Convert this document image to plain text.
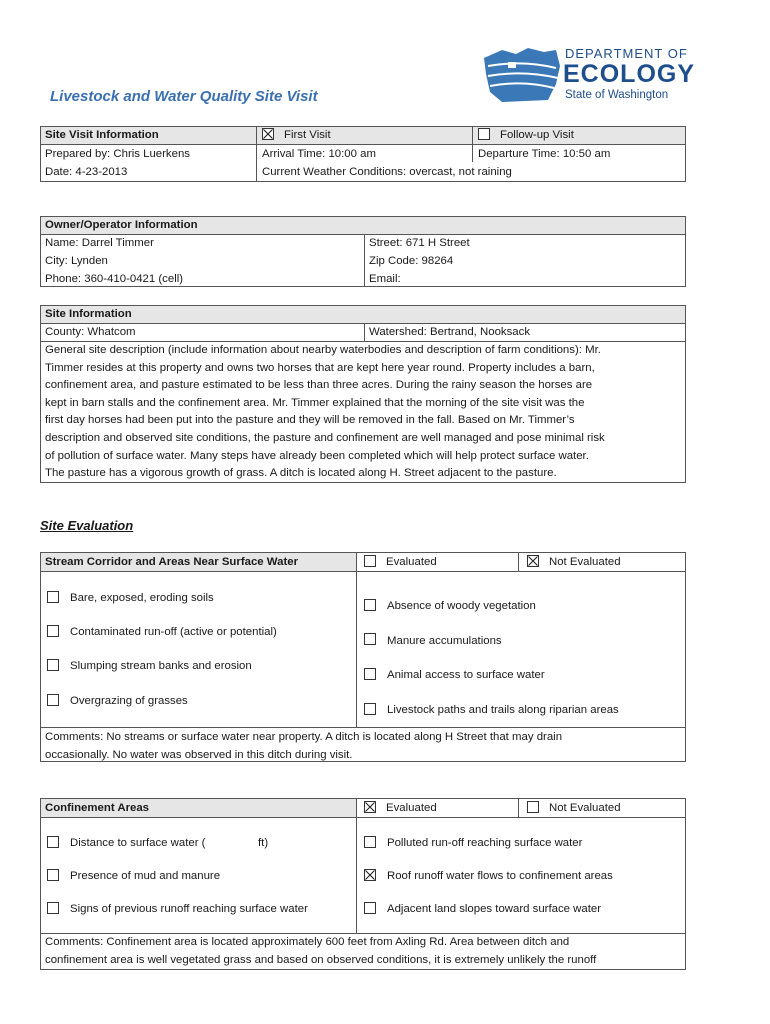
Livestock and Water Quality Site Visit
DEPARTMENT OF
ECOLOGY
State of Washington
Site Visit Information	First Visit	Follow-up Visit
Prepared by: Chris Luerkens	Arrival Time: 10:00 am	Departure Time: 10:50 am
Date: 4-23-2013	Current Weather Conditions: overcast, not raining
Owner/Operator Information
Name: Darrel Timmer	Street: 671 H Street
City: Lynden	Zip Code: 98264
Phone: 360-410-0421 (cell)	Email:
Site Information
County: Whatcom	Watershed: Bertrand, Nooksack
General site description (include information about nearby waterbodies and description of farm conditions): Mr.
Timmer resides at this property and owns two horses that are kept here year round. Property includes a barn,
confinement area, and pasture estimated to be less than three acres. During the rainy season the horses are
kept in barn stalls and the confinement area. Mr. Timmer explained that the morning of the site visit was the
first day horses had been put into the pasture and they will be removed in the fall. Based on Mr. Timmer’s
description and observed site conditions, the pasture and confinement are well managed and pose minimal risk
of pollution of surface water. Many steps have already been completed which will help protect surface water.
The pasture has a vigorous growth of grass. A ditch is located along H. Street adjacent to the pasture.
Site Evaluation
Stream Corridor and Areas Near Surface Water	Evaluated	Not Evaluated
Bare, exposed, eroding soils
Contaminated run-off (active or potential)
Slumping stream banks and erosion
Overgrazing of grasses
Absence of woody vegetation
Manure accumulations
Animal access to surface water
Livestock paths and trails along riparian areas
Comments: No streams or surface water near property. A ditch is located along H Street that may drain
occasionally. No water was observed in this ditch during visit.
Confinement Areas	Evaluated	Not Evaluated
Distance to surface water (	ft)
Presence of mud and manure
Signs of previous runoff reaching surface water
Polluted run-off reaching surface water
Roof runoff water flows to confinement areas
Adjacent land slopes toward surface water
Comments: Confinement area is located approximately 600 feet from Axling Rd. Area between ditch and
confinement area is well vegetated grass and based on observed conditions, it is extremely unlikely the runoff
